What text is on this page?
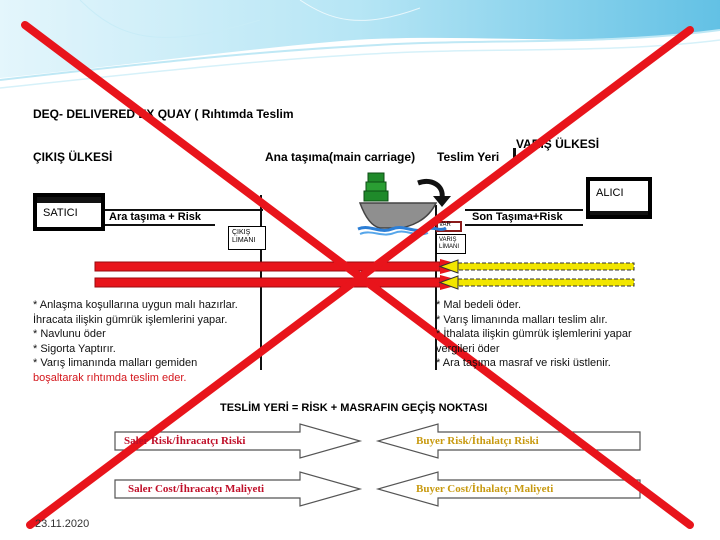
DEQ- DELIVERED EX QUAY ( Rıhtımda Teslim
ÇIKIŞ ÜLKESİ
VARIŞ ÜLKESİ
Ana taşıma(main carriage) Teslim Yeri
SATICI	Ara taşıma + Risk
ÇIKIŞ LİMANI
ALICI
Son Taşıma+Risk
VAR
VARIŞ LİMANI
* Anlaşma koşullarına uygun malı hazırlar.
İhracata ilişkin gümrük işlemlerini yapar.
* Navlunu öder
* Sigorta Yaptırır.
* Varış limanında malları gemiden
boşaltarak rıhtımda teslim eder.
* Mal bedeli öder.
* Varış limanında malları teslim alır.
* İthalata ilişkin gümrük işlemlerini yapar vergileri öder
* Ara taşıma masraf ve riski üstlenir.
TESLİM YERİ = RİSK + MASRAFIN GEÇİŞ NOKTASI
Saler Risk/İhracatçı Riski	Buyer Risk/İthalatçı Riski
Saler Cost/İhracatçı Maliyeti	Buyer Cost/İthalatçı Maliyeti
23.11.2020
